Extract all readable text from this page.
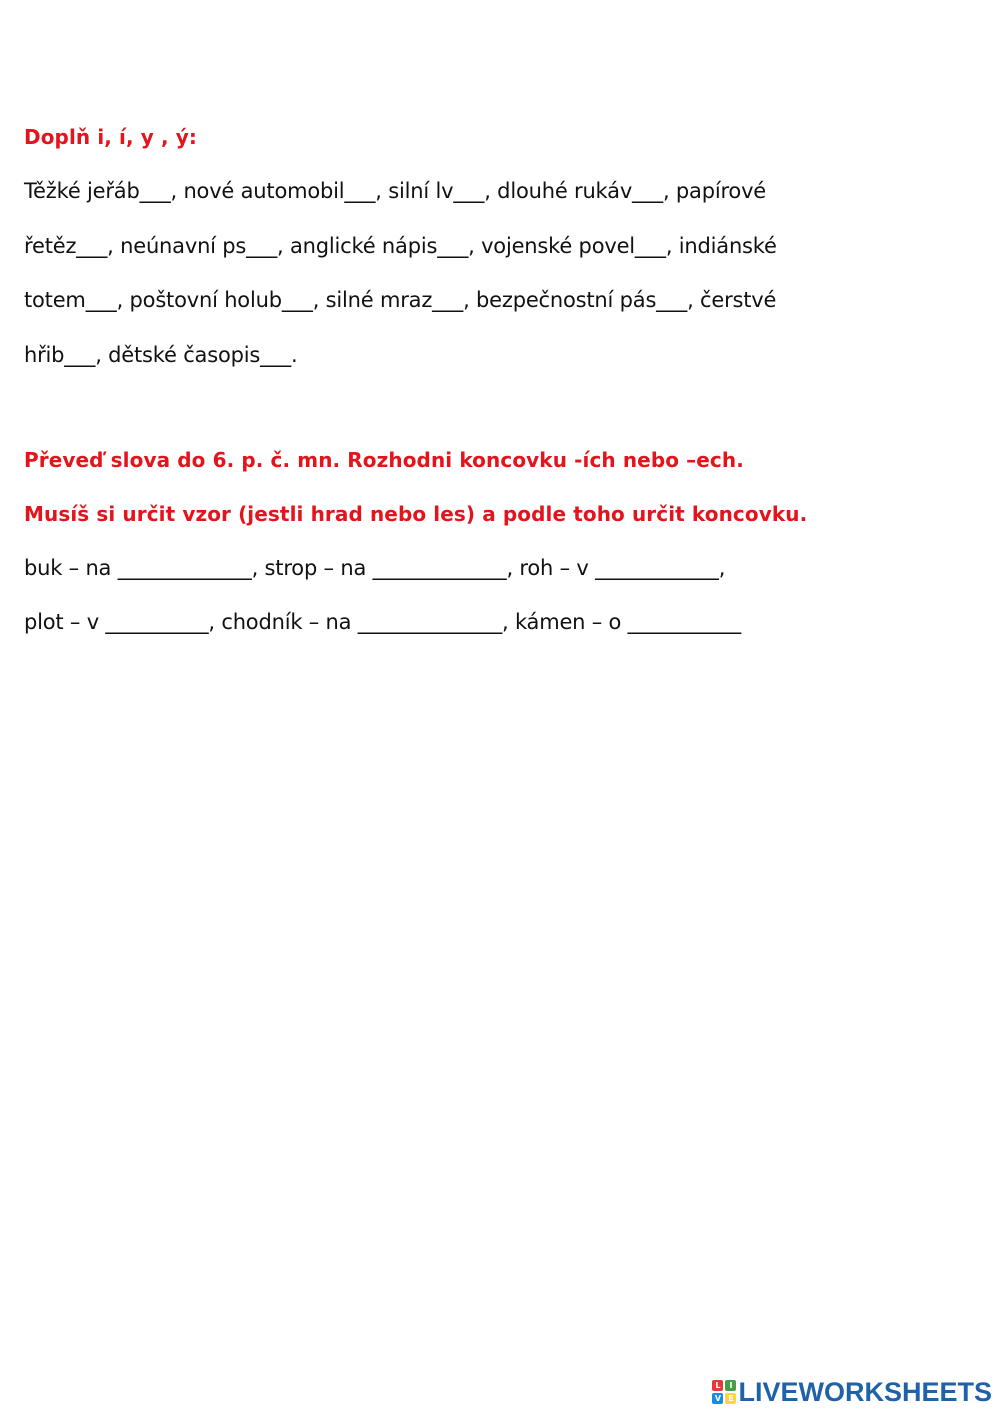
Doplň i, í, y , ý:
Těžké jeřáb___, nové automobil___, silní lv___, dlouhé rukáv___, papírové
řetěz___, neúnavní ps___, anglické nápis___, vojenské povel___, indiánské
totem___, poštovní holub___, silné mraz___, bezpečnostní pás___, čerstvé
hřib___, dětské časopis___.
Převeď slova do 6. p. č. mn. Rozhodni koncovku -ích nebo –ech.
Musíš si určit vzor (jestli hrad nebo les) a podle toho určit koncovku.
buk – na _____________, strop – na _____________, roh – v ____________,
plot – v __________, chodník – na ______________, kámen – o ___________
L	I
V E LIVEWORKSHEETS
